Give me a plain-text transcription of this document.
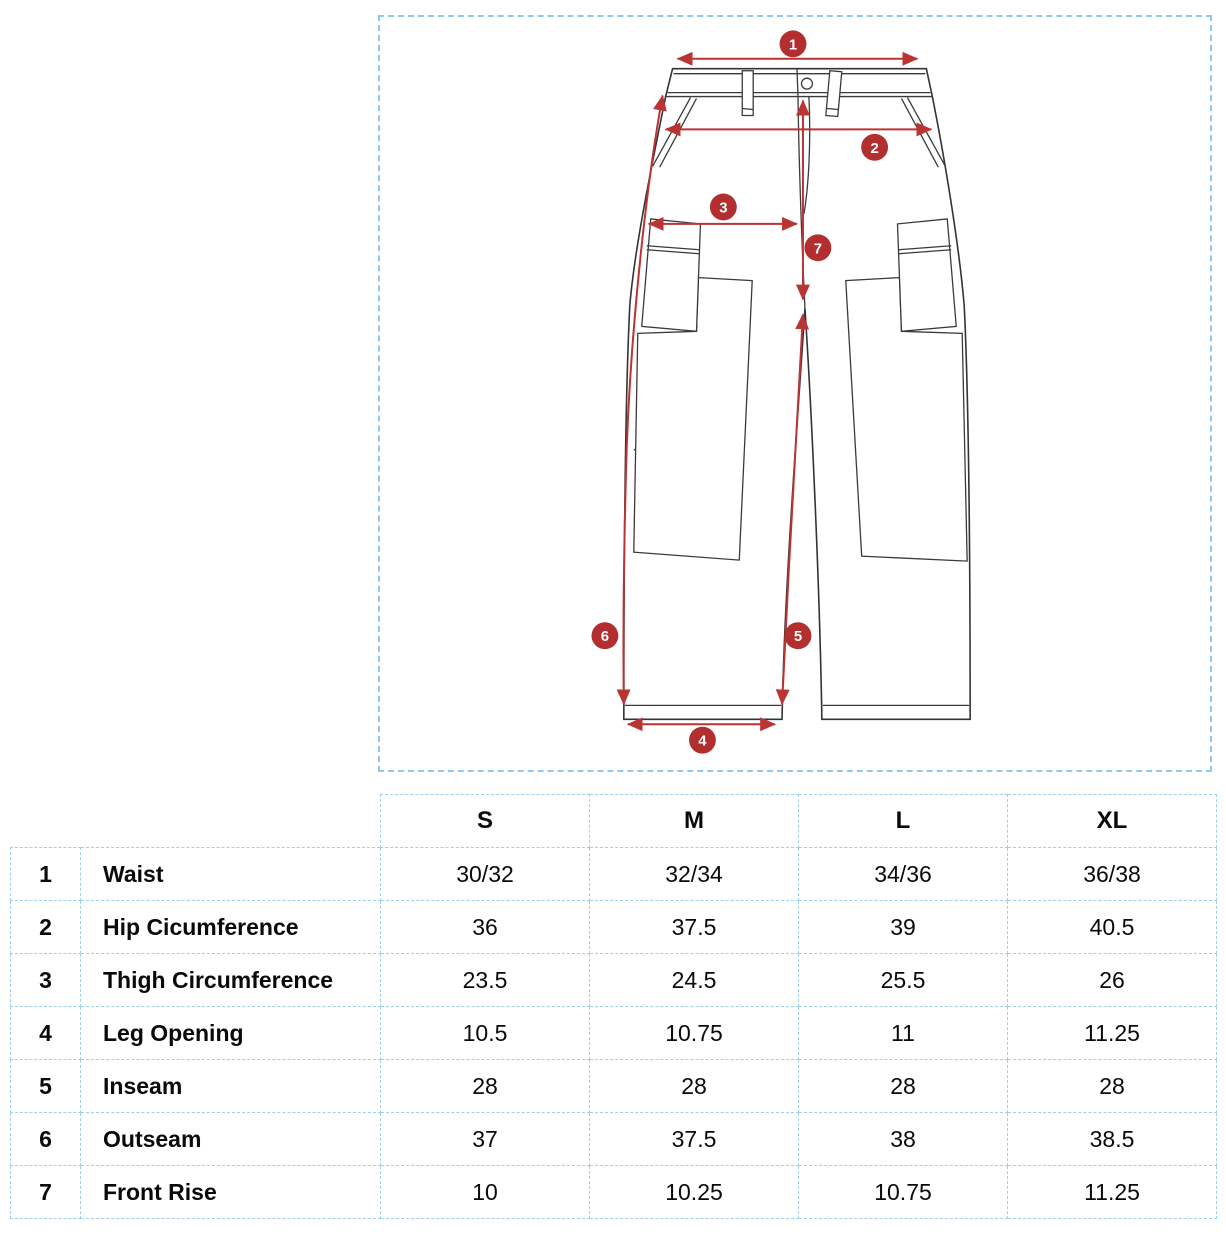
1
2
3
4
5
6
7
		S	M	L	XL
1	Waist	30/32	32/34	34/36	36/38
2	Hip Cicumference	36	37.5	39	40.5
3	Thigh Circumference	23.5	24.5	25.5	26
4	Leg Opening	10.5	10.75	11	11.25
5	Inseam	28	28	28	28
6	Outseam	37	37.5	38	38.5
7	Front Rise	10	10.25	10.75	11.25
